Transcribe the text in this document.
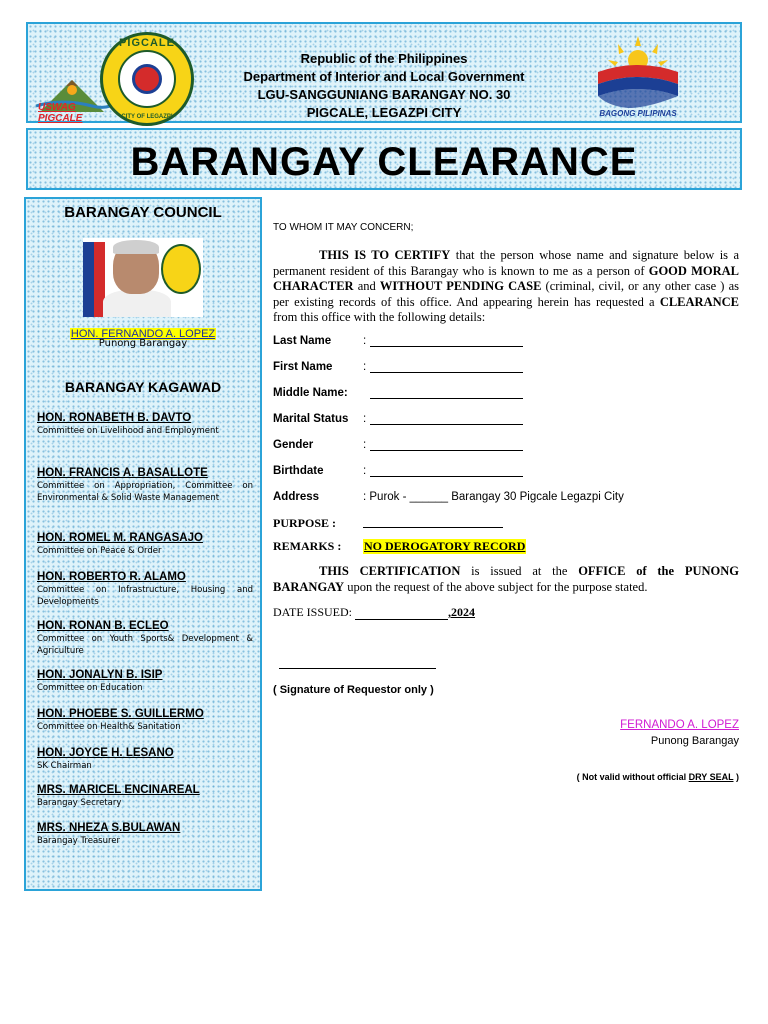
USWAG PIGCALE
PIGCALE
CITY OF LEGAZPI
Republic of the Philippines
Department of Interior and Local Government
LGU-SANGGUNIANG BARANGAY NO. 30
PIGCALE, LEGAZPI CITY	BAGONG PILIPINAS
BARANGAY CLEARANCE
BARANGAY COUNCIL
HON. FERNANDO A. LOPEZ
Punong Barangay
BARANGAY KAGAWAD
HON. RONABETH B. DAVTO
Committee on Livelihood and Employment
HON. FRANCIS A. BASALLOTE
Committee on Appropriation, Committee on Environmental & Solid Waste Management
HON. ROMEL M. RANGASAJO
Committee on Peace & Order
HON. ROBERTO R. ALAMO
Committee on Infrastructure, Housing and Developments
HON. RONAN B. ECLEO
Committee on Youth Sports& Development & Agriculture
HON. JONALYN B. ISIP
Committee on Education
HON. PHOEBE S. GUILLERMO
Committee on Health& Sanitation
HON. JOYCE H. LESANO
SK Chairman
MRS. MARICEL ENCINAREAL
Barangay Secretary
MRS. NHEZA S.BULAWAN
Barangay Treasurer
TO WHOM IT MAY CONCERN;
THIS IS TO CERTIFY that the person whose name and signature below is a permanent resident of this Barangay who is known to me as a person of GOOD MORAL CHARACTER and WITHOUT PENDING CASE (criminal, civil, or any other case ) as per existing records of this office. And appearing herein has requested a CLEARANCE from this office with the following details:
Last Name	:
First Name	:
Middle Name:
Marital Status :
Gender	:
Birthdate	:
Address	: Purok - ______ Barangay 30 Pigcale Legazpi City
PURPOSE :
REMARKS : NO DEROGATORY RECORD
THIS CERTIFICATION is issued at the OFFICE of the PUNONG BARANGAY upon the request of the above subject for the purpose stated.
DATE ISSUED:	,2024
( Signature of Requestor only )
FERNANDO A. LOPEZ
Punong Barangay
( Not valid without official DRY SEAL )
